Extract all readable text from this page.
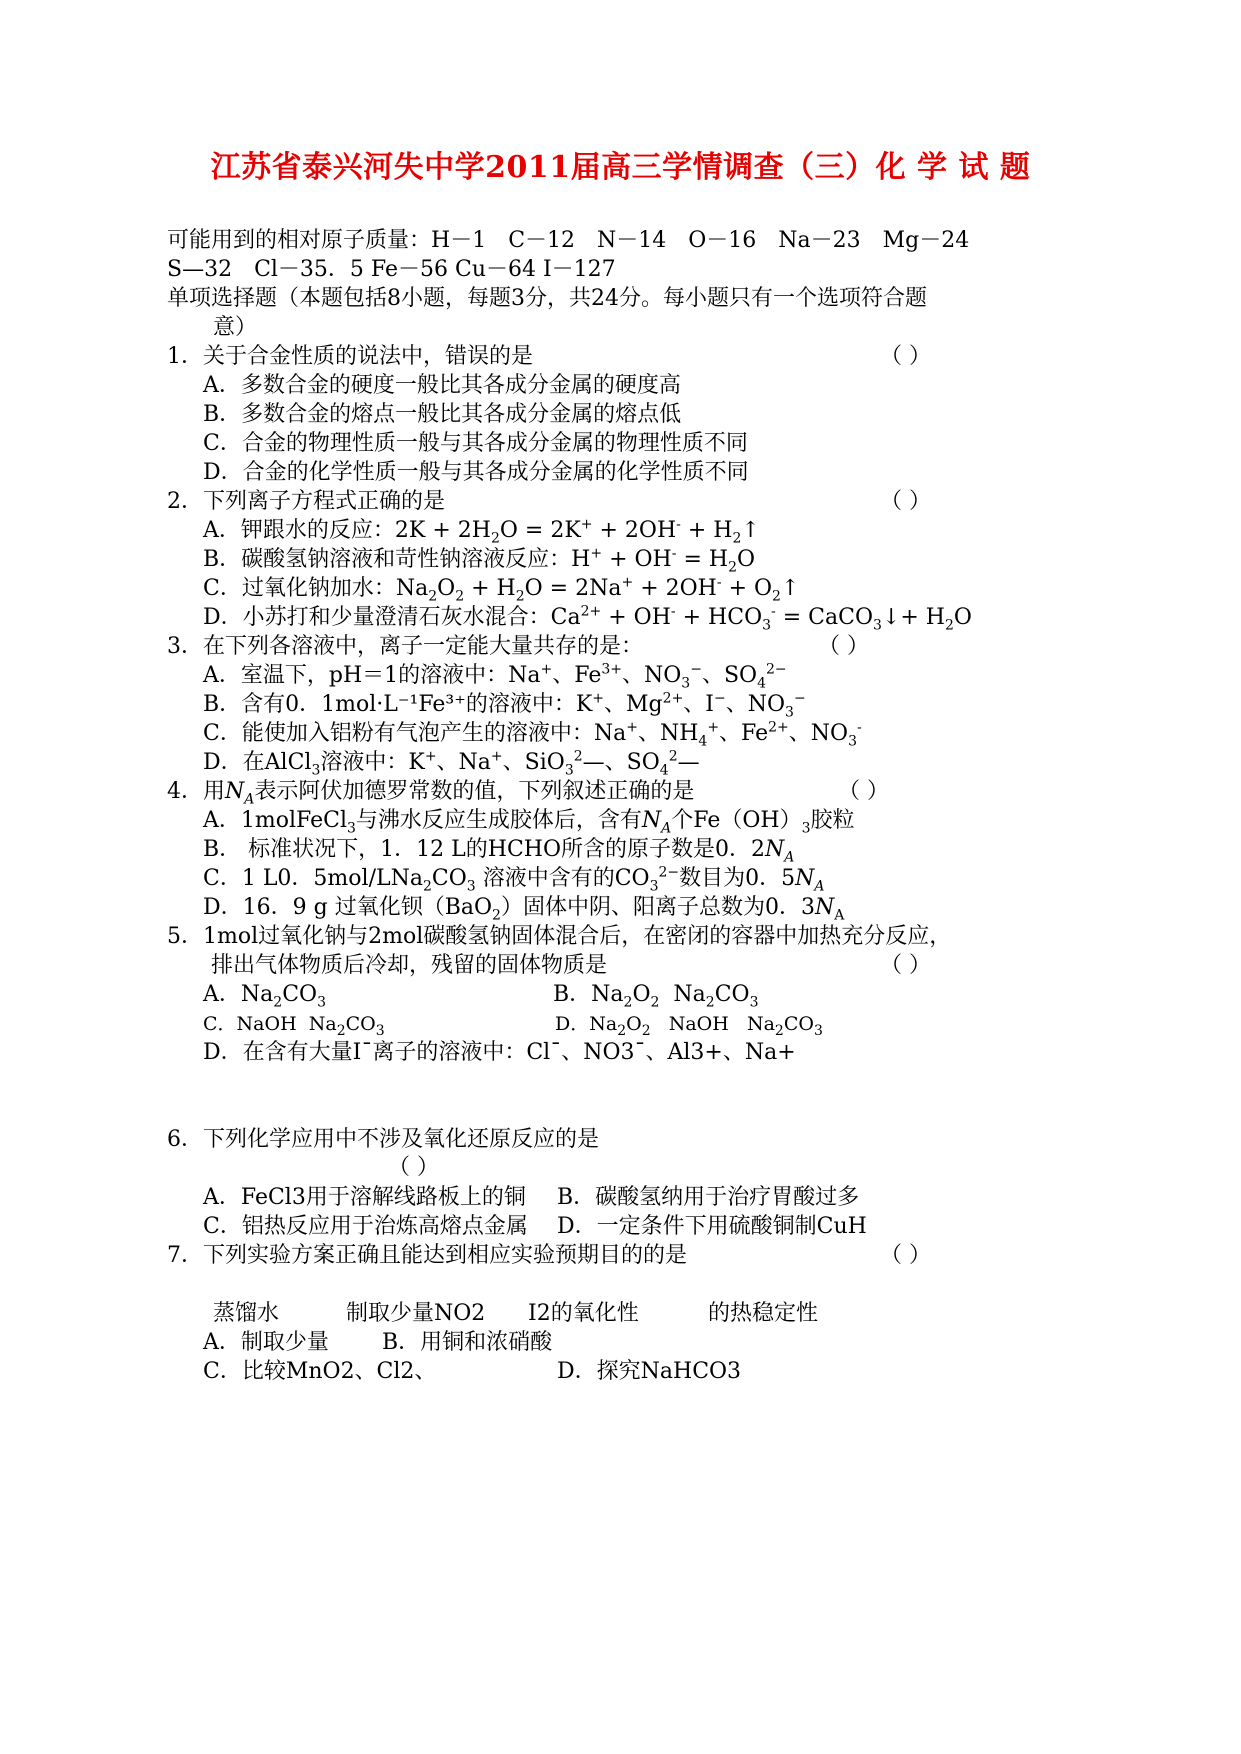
江苏省泰兴河失中学2011届高三学情调查（三）化 学 试 题
可能用到的相对原子质量：H－1　C－12　N－14　O－16　Na－23　Mg－24
S—32　Cl－35．5 Fe－56 Cu－64 I－127
单项选择题（本题包括8小题，每题3分，共24分。每小题只有一个选项符合题
意）
1．关于合金性质的说法中，错误的是	（ ）
A．多数合金的硬度一般比其各成分金属的硬度高
B．多数合金的熔点一般比其各成分金属的熔点低
C．合金的物理性质一般与其各成分金属的物理性质不同
D．合金的化学性质一般与其各成分金属的化学性质不同
2．下列离子方程式正确的是	（ ）
A．钾跟水的反应：$2K + 2H_2O = 2K^+ + 2OH^-$ + $H_2↑$
B．碳酸氢钠溶液和苛性钠溶液反应：$H^+ + OH^- = H_2O$
C．过氧化钠加水：$Na_2O_2 + H_2O = 2Na^+ + 2OH^-$ + $O_2↑$
D．小苏打和少量澄清石灰水混合：$Ca^{2+} + OH^- + HCO_3^-$ = CaCO$_3$↓+ $H_2O$
3．在下列各溶液中，离子一定能大量共存的是：	（ ）
A．室温下，pH＝1的溶液中：Na+、$Fe^{3+}$、$NO_3^-$、$SO_4^{2-}$
B．含有0．1mol·L⁻¹Fe³⁺的溶液中：K+、$Mg^{2+}$、I−、$NO_3^-$
C．能使加入铝粉有气泡产生的溶液中：Na+、$NH_4^+$、$Fe^{2+}$、$NO_3^-$
D．在AlCl$_3$溶液中：K+、Na+、SiO$_3^2$—、$SO_4^2—$
4．用$N_A$表示阿伏加德罗常数的值，下列叙述正确的是	（ ）
A．1molFeCl$_3$与沸水反应生成胶体后，含有$N_A$个$Fe(OH)_3$胶粒
B． 标准状况下，1．12 L的HCHO所含的原子数是0．$2N_A$
C．1 L0．$5mol/LNa_2CO_3$ 溶液中含有的$CO_3^{2-}$数目为0．$5N_A$
D．16．9 g 过氧化钡（BaO$_2$）固体中阴、阳离子总数为0．$3N_A$
5．1mol过氧化钠与2mol碳酸氢钠固体混合后，在密闭的容器中加热充分反应，
排出气体物质后冷却，残留的固体物质是	（ ）
A．$Na_2CO_3$	B．$Na_2O_2$  $Na_2CO_3$
C．NaOH  $Na_2CO_3$	D．$Na_2O_2$   NaOH   $Na_2CO_3$
D．在含有大量I¯离子的溶液中：Cl¯、NO3¯、Al3+、Na+
6．下列化学应用中不涉及氧化还原反应的是
（ ）
A．FeCl3用于溶解线路板上的铜 B．碳酸氢纳用于治疗胃酸过多
C．铝热反应用于治炼高熔点金属 D．一定条件下用硫酸铜制CuH
7．下列实验方案正确且能达到相应实验预期目的的是	（ ）
蒸馏水	制取少量NO2 I2的氧化性	的热稳定性
A．制取少量 B．用铜和浓硝酸
C．比较MnO2、Cl2、	D．探究NaHCO3
